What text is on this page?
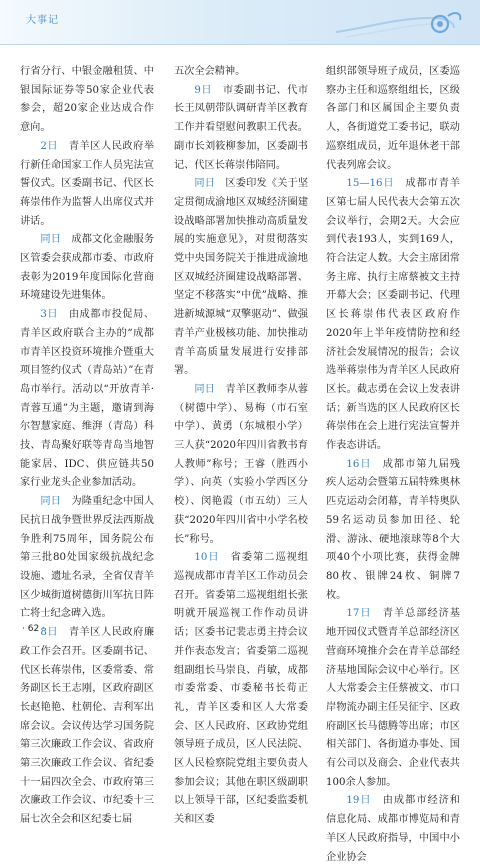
大事记

行省分行、中银金融租赁、中银国际证券等50家企业代表参会，超20家企业达成合作意向。

2日　 青羊区人民政府举行新任命国家工作人员宪法宣誓仪式。区委副书记、代区长蒋崇伟作为监誓人出席仪式并讲话。

同日　 成都文化金融服务区管委会获成都市委、市政府表彰为2019年度国际化营商环境建设先进集体。

3日　 由成都市投促局、青羊区政府联合主办的“成都市青羊区投资环境推介暨重大项目签约仪式（青岛站）”在青岛市举行。活动以“开放青羊·青蓉互通”为主题，邀请到海尔智慧家庭、维湃（青岛）科技、青岛聚好联等青岛当地智能家居、IDC、供应链共50家行业龙头企业参加活动。

同日　 为隆重纪念中国人民抗日战争暨世界反法西斯战争胜利75周年，国务院公布第三批80处国家级抗战纪念设施、遗址名录，全省仅青羊区少城街道树德街川军抗日阵亡将士纪念碑入选。

8日　 青羊区人民政府廉政工作会召开。区委副书记、代区长蒋崇伟，区委常委、常务副区长王志刚，区政府副区长赵艳艳、杜朝伦、吉利军出席会议。会议传达学习国务院第三次廉政工作会议、省政府第三次廉政工作会议、省纪委十一届四次全会、市政府第三次廉政工作会议、市纪委十三届七次全会和区纪委七届

五次全会精神。

9日　 市委副书记、代市长王凤朝带队调研青羊区教育工作并看望慰问教职工代表。副市长刘筱柳参加，区委副书记、代区长蒋崇伟陪同。

同日　 区委印发《关于坚定贯彻成渝地区双城经济圈建设战略部署加快推动高质量发展的实施意见》，对贯彻落实党中央国务院关于推进成渝地区双城经济圈建设战略部署、坚定不移落实“中优”战略、推进新城源城“双擎驱动”、做强青羊产业极核功能、加快推动青羊高质量发展进行安排部署。

同日　 青羊区教师李从蓉（树德中学）、易梅（市石室中学）、黄勇（东城根小学）三人获“2020年四川省教书育人教师”称号；王睿（胜西小学）、向英（实验小学西区分校）、闵艳霞（市五幼）三人获“2020年四川省中小学名校长”称号。

10日　 省委第二巡视组巡视成都市青羊区工作动员会召开。省委第二巡视组组长张明就开展巡视工作作动员讲话；区委书记裴志勇主持会议并作表态发言；省委第二巡视组副组长马崇良、肖敏，成都市委常委、市委秘书长荀正礼，青羊区委和区人大常委会、区人民政府、区政协党组领导班子成员，区人民法院、区人民检察院党组主要负责人参加会议；其他在职区级副职以上领导干部，区纪委监委机关和区委

组织部领导班子成员，区委巡察办主任和巡察组组长，区级各部门和区属国企主要负责人，各街道党工委书记，联动巡察组成员，近年退休老干部代表列席会议。

15—16日　 成都市青羊区第七届人民代表大会第五次会议举行，会期2天。大会应到代表193人，实到169人，符合法定人数。大会主席团常务主席、执行主席蔡被文主持开幕大会；区委副书记、代理区长蒋崇伟代表区政府作2020年上半年疫情防控和经济社会发展情况的报告；会议选举蒋崇伟为青羊区人民政府区长。截志勇在会议上发表讲话；新当选的区人民政府区长蒋崇伟在会上进行宪法宣誓并作表态讲话。

16日　 成都市第九届残疾人运动会暨第五届特殊奥林匹克运动会闭幕，青羊特奥队59名运动员参加田径、轮滑、游泳、硬地滚球等8个大项40个小项比赛，获得金牌80枚、银牌24枚、铜牌7枚。

17日　 青羊总部经济基地开园仪式暨青羊总部经济区营商环境推介会在青羊总部经济基地国际会议中心举行。区人大常委会主任蔡被文、市口岸物流办副主任吴征宇、区政府副区长马德腾等出席；市区相关部门、各街道办事处、国有公司以及商会、企业代表共100余人参加。

19日　 由成都市经济和信息化局、成都市博览局和青羊区人民政府指导，中国中小企业协会

· 62 ·
